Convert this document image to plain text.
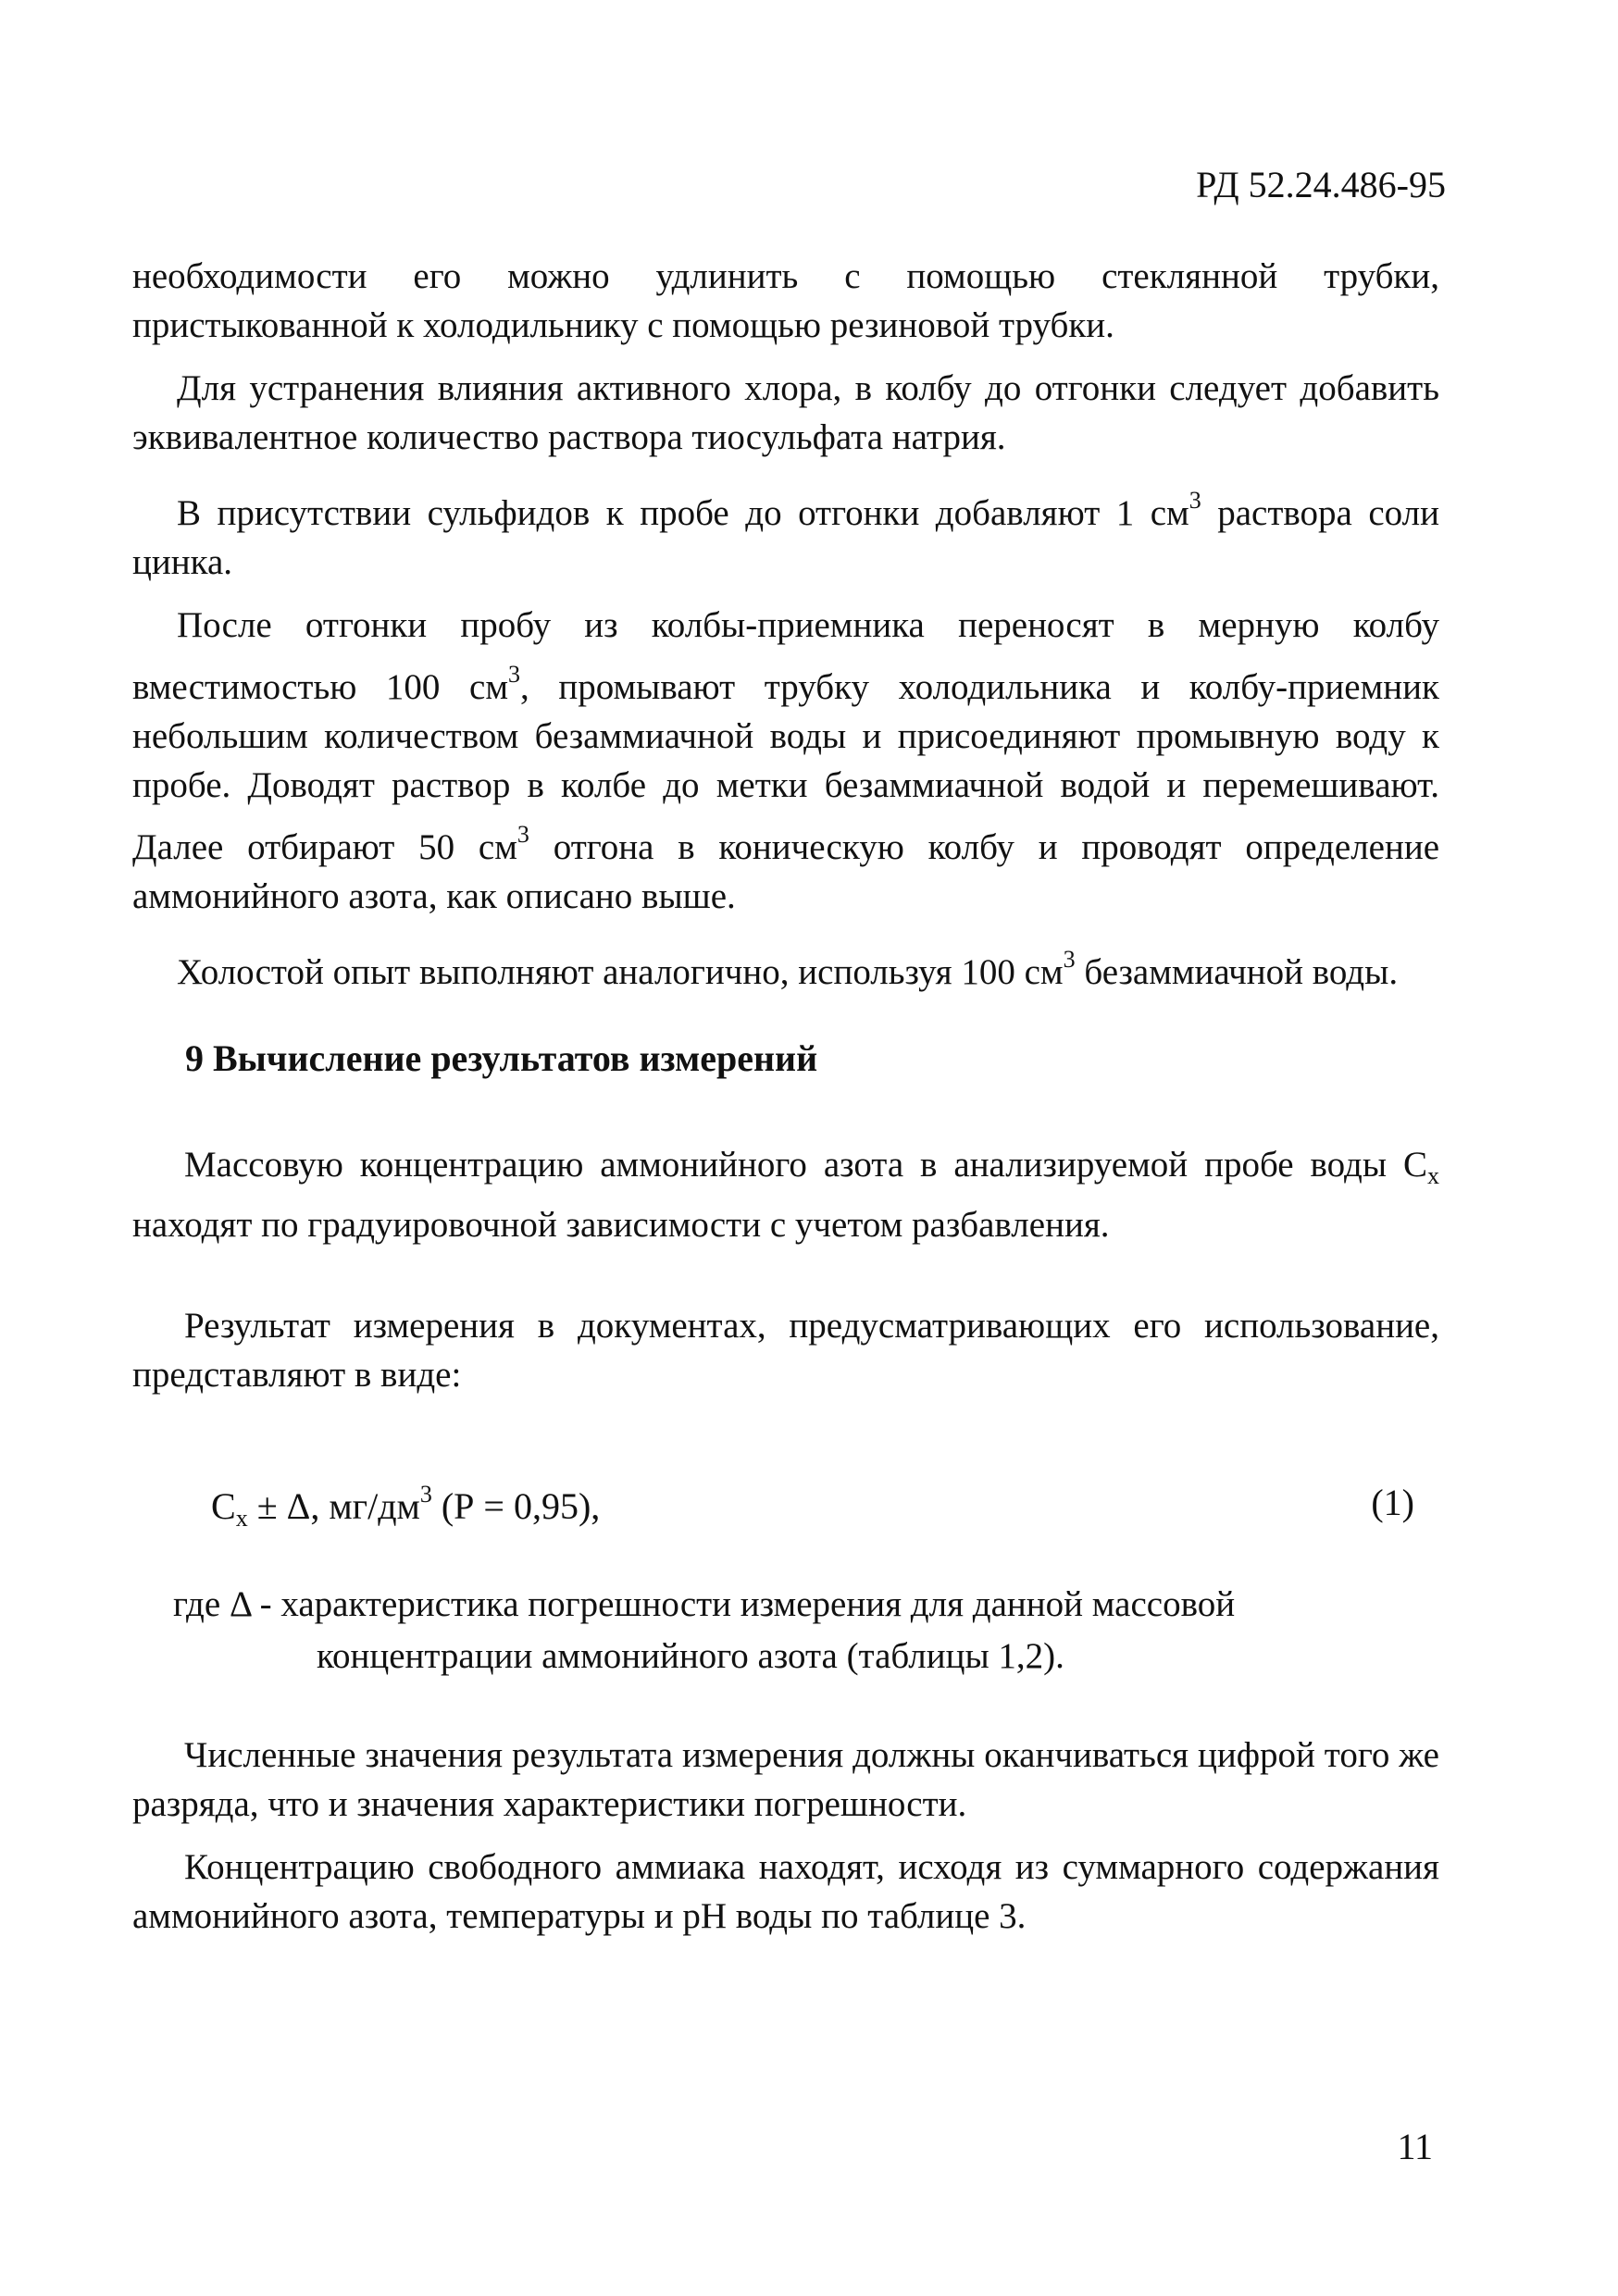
РД 52.24.486-95

необходимости его можно удлинить с помощью стеклянной трубки, пристыкованной к холодильнику с помощью резиновой трубки.

Для устранения влияния активного хлора, в колбу до отгонки следует добавить эквивалентное количество раствора тиосульфата натрия.

В присутствии сульфидов к пробе до отгонки добавляют 1 $см^3$ раствора соли цинка.

После отгонки пробу из колбы-приемника переносят в мерную колбу вместимостью 100 $см^3$, промывают трубку холодильника и колбу-приемник небольшим количеством безаммиачной воды и присоединяют промывную воду к пробе. Доводят раствор в колбе до метки безаммиачной водой и перемешивают. Далее отбирают 50 $см^3$ отгона в коническую колбу и проводят определение аммонийного азота, как описано выше.

Холостой опыт выполняют аналогично, используя 100 $см^3$ безаммиачной воды.

9 Вычисление результатов измерений

Массовую концентрацию аммонийного азота в анализируемой пробе воды $С_х$ находят по градуировочной зависимости с учетом разбавления.

Результат измерения в документах, предусматривающих его использование, представляют в виде:

$С_х \pm \Delta$, $мг/дм^3$ (Р = 0,95),	(1)
где Δ - характеристика погрешности измерения для данной массовой
концентрации аммонийного азота (таблицы 1,2).

Численные значения результата измерения должны оканчиваться цифрой того же разряда, что и значения характеристики погрешности.

Концентрацию свободного аммиака находят, исходя из суммарного содержания аммонийного азота, температуры и рН воды по таблице 3.

11
